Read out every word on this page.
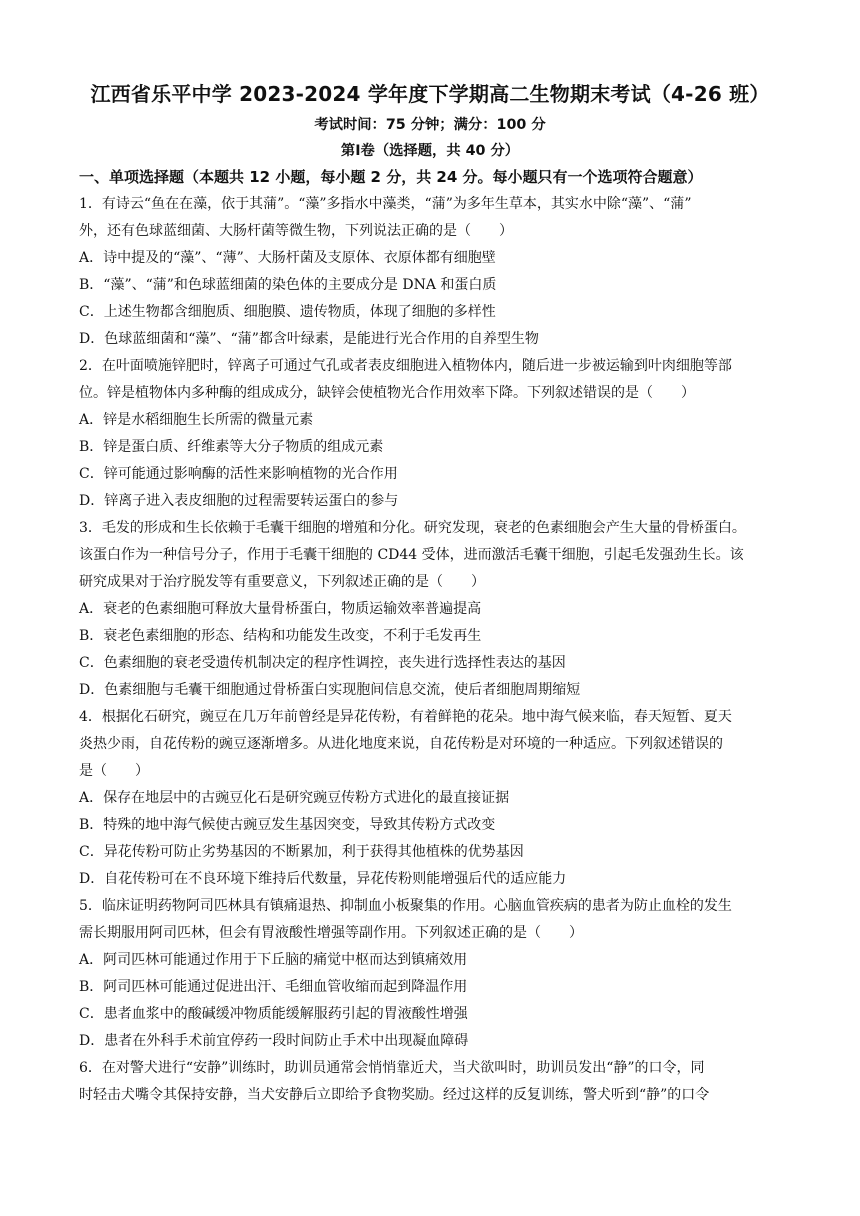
江西省乐平中学 2023-2024 学年度下学期高二生物期末考试（4-26 班）
考试时间：75 分钟；满分：100 分
第Ⅰ卷（选择题，共 40 分）
一、单项选择题（本题共 12 小题，每小题 2 分，共 24 分。每小题只有一个选项符合题意）
1．有诗云“鱼在在藻，依于其蒲”。“藻”多指水中藻类，“蒲”为多年生草本，其实水中除“藻”、“蒲”
外，还有色球蓝细菌、大肠杆菌等微生物，下列说法正确的是（　　）
A．诗中提及的“藻”、“薄”、大肠杆菌及支原体、衣原体都有细胞壁
B．“藻”、“蒲”和色球蓝细菌的染色体的主要成分是 DNA 和蛋白质
C．上述生物都含细胞质、细胞膜、遗传物质，体现了细胞的多样性
D．色球蓝细菌和“藻”、“蒲”都含叶绿素，是能进行光合作用的自养型生物
2．在叶面喷施锌肥时，锌离子可通过气孔或者表皮细胞进入植物体内，随后进一步被运输到叶肉细胞等部
位。锌是植物体内多种酶的组成成分，缺锌会使植物光合作用效率下降。下列叙述错误的是（　　）
A．锌是水稻细胞生长所需的微量元素
B．锌是蛋白质、纤维素等大分子物质的组成元素
C．锌可能通过影响酶的活性来影响植物的光合作用
D．锌离子进入表皮细胞的过程需要转运蛋白的参与
3．毛发的形成和生长依赖于毛囊干细胞的增殖和分化。研究发现，衰老的色素细胞会产生大量的骨桥蛋白。
该蛋白作为一种信号分子，作用于毛囊干细胞的 CD44 受体，进而激活毛囊干细胞，引起毛发强劲生长。该
研究成果对于治疗脱发等有重要意义，下列叙述正确的是（　　）
A．衰老的色素细胞可释放大量骨桥蛋白，物质运输效率普遍提高
B．衰老色素细胞的形态、结构和功能发生改变，不利于毛发再生
C．色素细胞的衰老受遗传机制决定的程序性调控，丧失进行选择性表达的基因
D．色素细胞与毛囊干细胞通过骨桥蛋白实现胞间信息交流，使后者细胞周期缩短
4．根据化石研究，豌豆在几万年前曾经是异花传粉，有着鲜艳的花朵。地中海气候来临，春天短暂、夏天
炎热少雨，自花传粉的豌豆逐渐增多。从进化地度来说，自花传粉是对环境的一种适应。下列叙述错误的
是（　　）
A．保存在地层中的古豌豆化石是研究豌豆传粉方式进化的最直接证据
B．特殊的地中海气候使古豌豆发生基因突变，导致其传粉方式改变
C．异花传粉可防止劣势基因的不断累加，利于获得其他植株的优势基因
D．自花传粉可在不良环境下维持后代数量，异花传粉则能增强后代的适应能力
5．临床证明药物阿司匹林具有镇痛退热、抑制血小板聚集的作用。心脑血管疾病的患者为防止血栓的发生
需长期服用阿司匹林，但会有胃液酸性增强等副作用。下列叙述正确的是（　　）
A．阿司匹林可能通过作用于下丘脑的痛觉中枢而达到镇痛效用
B．阿司匹林可能通过促进出汗、毛细血管收缩而起到降温作用
C．患者血浆中的酸碱缓冲物质能缓解服药引起的胃液酸性增强
D．患者在外科手术前宜停药一段时间防止手术中出现凝血障碍
6．在对警犬进行“安静”训练时，助训员通常会悄悄靠近犬，当犬欲叫时，助训员发出“静”的口令，同
时轻击犬嘴令其保持安静，当犬安静后立即给予食物奖励。经过这样的反复训练，警犬听到“静”的口令
